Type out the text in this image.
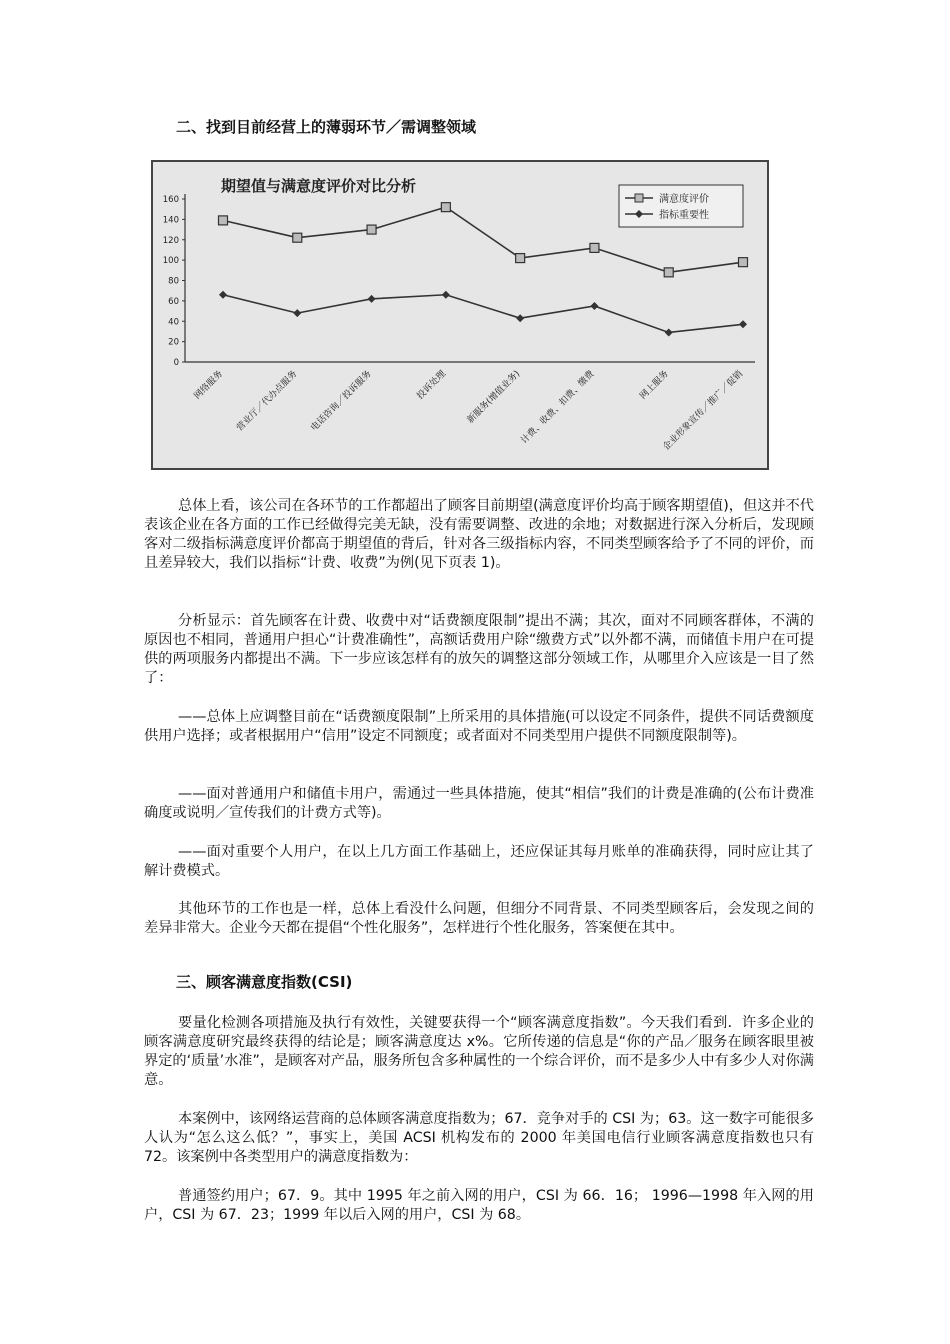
二、找到目前经营上的薄弱环节／需调整领域
0
20
40
60
80
100
120
140
160
期望值与满意度评价对比分析
网络服务 营业厅／代办点服务 电话咨询／投诉服务	投诉处理 新服务(增值业务)
计费、收费、扣费、缴费	网上服务
企业形象宣传／推广／促销
满意度评价
指标重要性

总体上看，该公司在各环节的工作都超出了顾客目前期望(满意度评价均高于顾客期望值)，但这并不代表该企业在各方面的工作已经做得完美无缺，没有需要调整、改进的余地；对数据进行深入分析后，发现顾客对二级指标满意度评价都高于期望值的背后，针对各三级指标内容，不同类型顾客给予了不同的评价，而且差异较大，我们以指标“计费、收费”为例(见下页表 1)。

分析显示：首先顾客在计费、收费中对“话费额度限制”提出不满；其次，面对不同顾客群体，不满的原因也不相同，普通用户担心“计费准确性”，高额话费用户除“缴费方式”以外都不满，而储值卡用户在可提供的两项服务内都提出不满。下一步应该怎样有的放矢的调整这部分领域工作，从哪里介入应该是一目了然了：

——总体上应调整目前在“话费额度限制”上所采用的具体措施(可以设定不同条件，提供不同话费额度供用户选择；或者根据用户“信用”设定不同额度；或者面对不同类型用户提供不同额度限制等)。

——面对普通用户和储值卡用户，需通过一些具体措施，使其“相信”我们的计费是准确的(公布计费准确度或说明／宣传我们的计费方式等)。

——面对重要个人用户，在以上几方面工作基础上，还应保证其每月账单的准确获得，同时应让其了解计费模式。

其他环节的工作也是一样，总体上看没什么问题，但细分不同背景、不同类型顾客后，会发现之间的差异非常大。企业今天都在提倡“个性化服务”，怎样进行个性化服务，答案便在其中。

三、顾客满意度指数(CSI)

要量化检测各项措施及执行有效性，关键要获得一个“顾客满意度指数”。今天我们看到．许多企业的顾客满意度研究最终获得的结论是；顾客满意度达 x%。它所传递的信息是“你的产品／服务在顾客眼里被界定的‘质量’水准”，是顾客对产品，服务所包含多种属性的一个综合评价，而不是多少人中有多少人对你满意。

本案例中，该网络运营商的总体顾客满意度指数为；67．竞争对手的 CSI 为；63。这一数字可能很多人认为“怎么这么低？”，事实上，美国 ACSI 机构发布的 2000 年美国电信行业顾客满意度指数也只有 72。该案例中各类型用户的满意度指数为：

普通签约用户；67．9。其中 1995 年之前入网的用户，CSI 为 66．16； 1996—1998 年入网的用户，CSI 为 67．23；1999 年以后入网的用户，CSI 为 68。
